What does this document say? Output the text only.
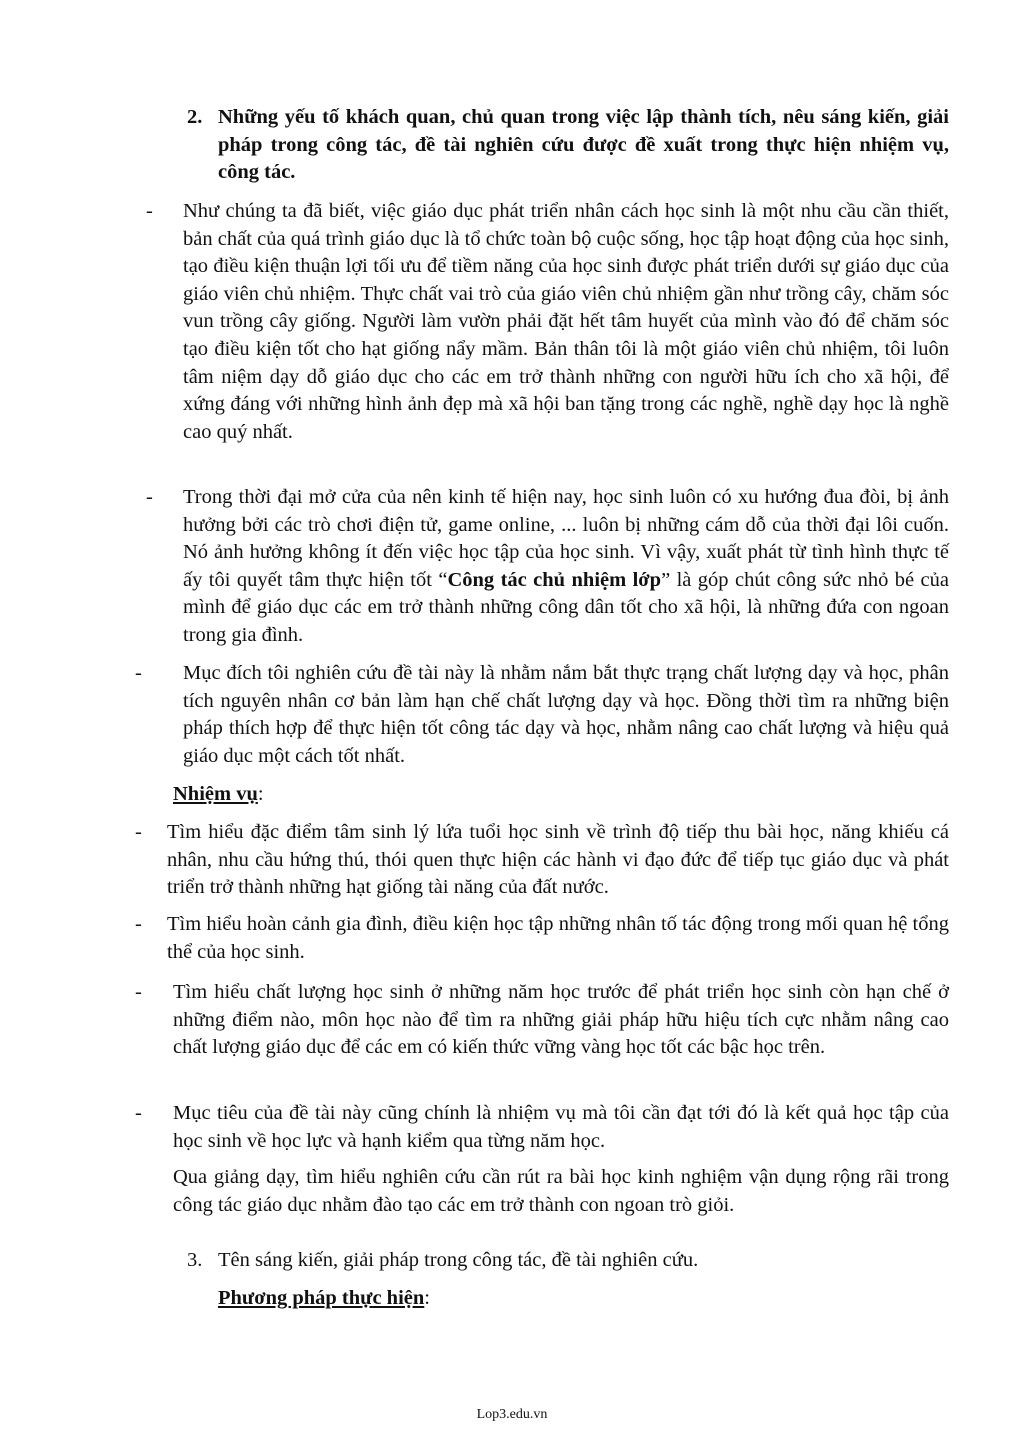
2. Những yếu tố khách quan, chủ quan trong việc lập thành tích, nêu sáng kiến, giải pháp trong công tác, đề tài nghiên cứu được đề xuất trong thực hiện nhiệm vụ, công tác.

- Như chúng ta đã biết, việc giáo dục phát triển nhân cách học sinh là một nhu cầu cần thiết, bản chất của quá trình giáo dục là tổ chức toàn bộ cuộc sống, học tập hoạt động của học sinh, tạo điều kiện thuận lợi tối ưu để tiềm năng của học sinh được phát triển dưới sự giáo dục của giáo viên chủ nhiệm. Thực chất vai trò của giáo viên chủ nhiệm gần như trồng cây, chăm sóc vun trồng cây giống. Người làm vườn phải đặt hết tâm huyết của mình vào đó để chăm sóc tạo điều kiện tốt cho hạt giống nẩy mầm. Bản thân tôi là một giáo viên chủ nhiệm, tôi luôn tâm niệm dạy dỗ giáo dục cho các em trở thành những con người hữu ích cho xã hội, để xứng đáng với những hình ảnh đẹp mà xã hội ban tặng trong các nghề, nghề dạy học là nghề cao quý nhất.

- Trong thời đại mở cửa của nên kinh tế hiện nay, học sinh luôn có xu hướng đua đòi, bị ảnh hưởng bởi các trò chơi điện tử, game online, ... luôn bị những cám dỗ của thời đại lôi cuốn. Nó ảnh hưởng không ít đến việc học tập của học sinh. Vì vậy, xuất phát từ tình hình thực tế ấy tôi quyết tâm thực hiện tốt “Công tác chủ nhiệm lớp” là góp chút công sức nhỏ bé của mình để giáo dục các em trở thành những công dân tốt cho xã hội, là những đứa con ngoan trong gia đình.

- Mục đích tôi nghiên cứu đề tài này là nhằm nắm bắt thực trạng chất lượng dạy và học, phân tích nguyên nhân cơ bản làm hạn chế chất lượng dạy và học. Đồng thời tìm ra những biện pháp thích hợp để thực hiện tốt công tác dạy và học, nhằm nâng cao chất lượng và hiệu quả giáo dục một cách tốt nhất.

Nhiệm vụ:

- Tìm hiểu đặc điểm tâm sinh lý lứa tuổi học sinh về trình độ tiếp thu bài học, năng khiếu cá nhân, nhu cầu hứng thú, thói quen thực hiện các hành vi đạo đức để tiếp tục giáo dục và phát triển trở thành những hạt giống tài năng của đất nước.

- Tìm hiểu hoàn cảnh gia đình, điều kiện học tập những nhân tố tác động trong mối quan hệ tổng thể của học sinh.

- Tìm hiểu chất lượng học sinh ở những năm học trước để phát triển học sinh còn hạn chế ở những điểm nào, môn học nào để tìm ra những giải pháp hữu hiệu tích cực nhằm nâng cao chất lượng giáo dục để các em có kiến thức vững vàng học tốt các bậc học trên.

- Mục tiêu của đề tài này cũng chính là nhiệm vụ mà tôi cần đạt tới đó là kết quả học tập của học sinh về học lực và hạnh kiểm qua từng năm học.

Qua giảng dạy, tìm hiểu nghiên cứu cần rút ra bài học kinh nghiệm vận dụng rộng rãi trong công tác giáo dục nhằm đào tạo các em trở thành con ngoan trò giỏi.

3. Tên sáng kiến, giải pháp trong công tác, đề tài nghiên cứu.

Phương pháp thực hiện:

Lop3.edu.vn
